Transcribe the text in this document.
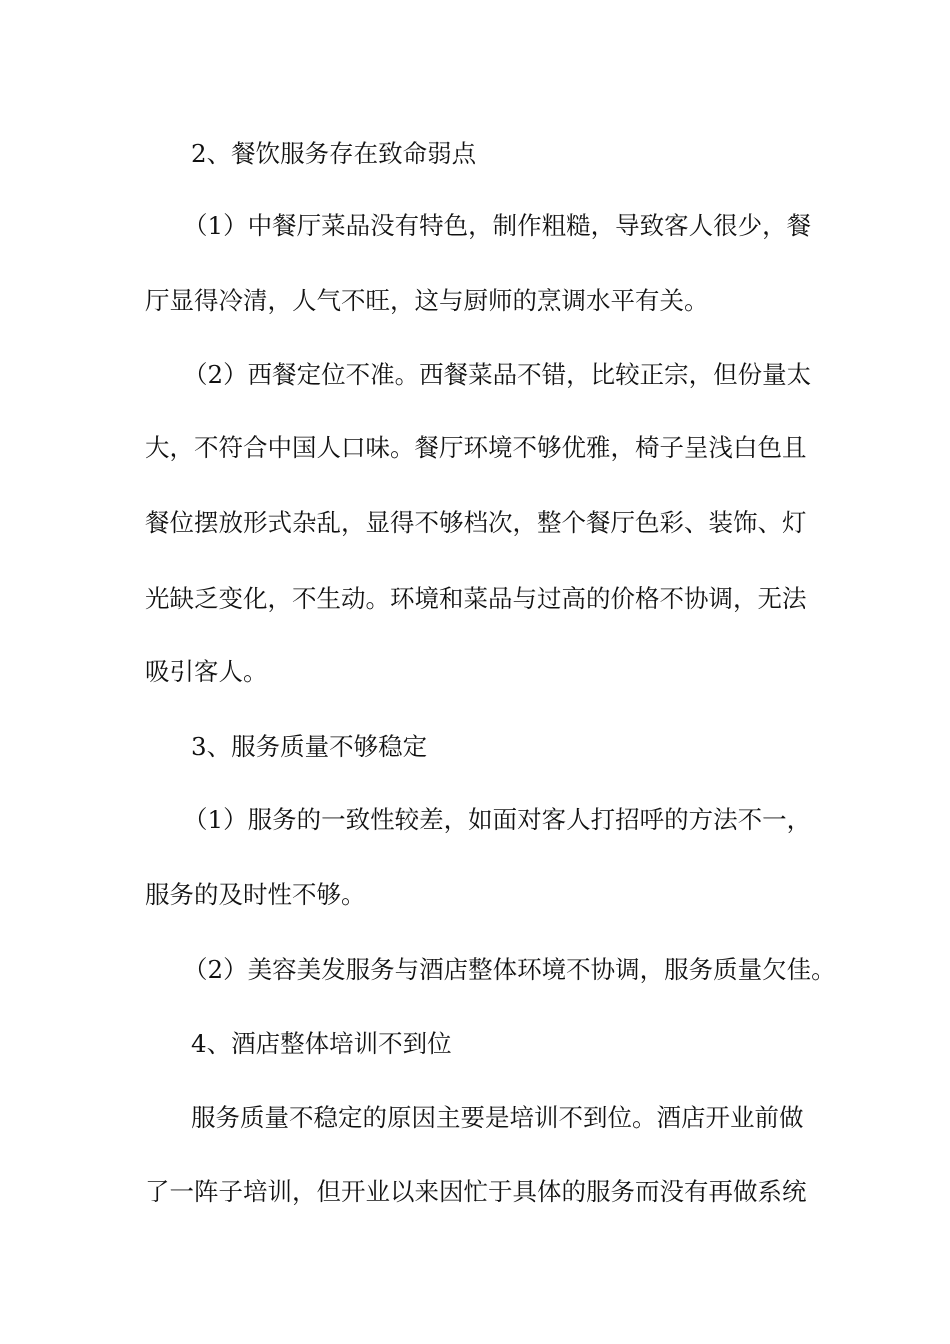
2、餐饮服务存在致命弱点

（1）中餐厅菜品没有特色，制作粗糙，导致客人很少，餐

厅显得冷清，人气不旺，这与厨师的烹调水平有关。

（2）西餐定位不准。西餐菜品不错，比较正宗，但份量太

大，不符合中国人口味。餐厅环境不够优雅，椅子呈浅白色且

餐位摆放形式杂乱，显得不够档次，整个餐厅色彩、装饰、灯

光缺乏变化，不生动。环境和菜品与过高的价格不协调，无法

吸引客人。

3、服务质量不够稳定

（1）服务的一致性较差，如面对客人打招呼的方法不一，

服务的及时性不够。

（2）美容美发服务与酒店整体环境不协调，服务质量欠佳。

4、酒店整体培训不到位

服务质量不稳定的原因主要是培训不到位。酒店开业前做

了一阵子培训，但开业以来因忙于具体的服务而没有再做系统
